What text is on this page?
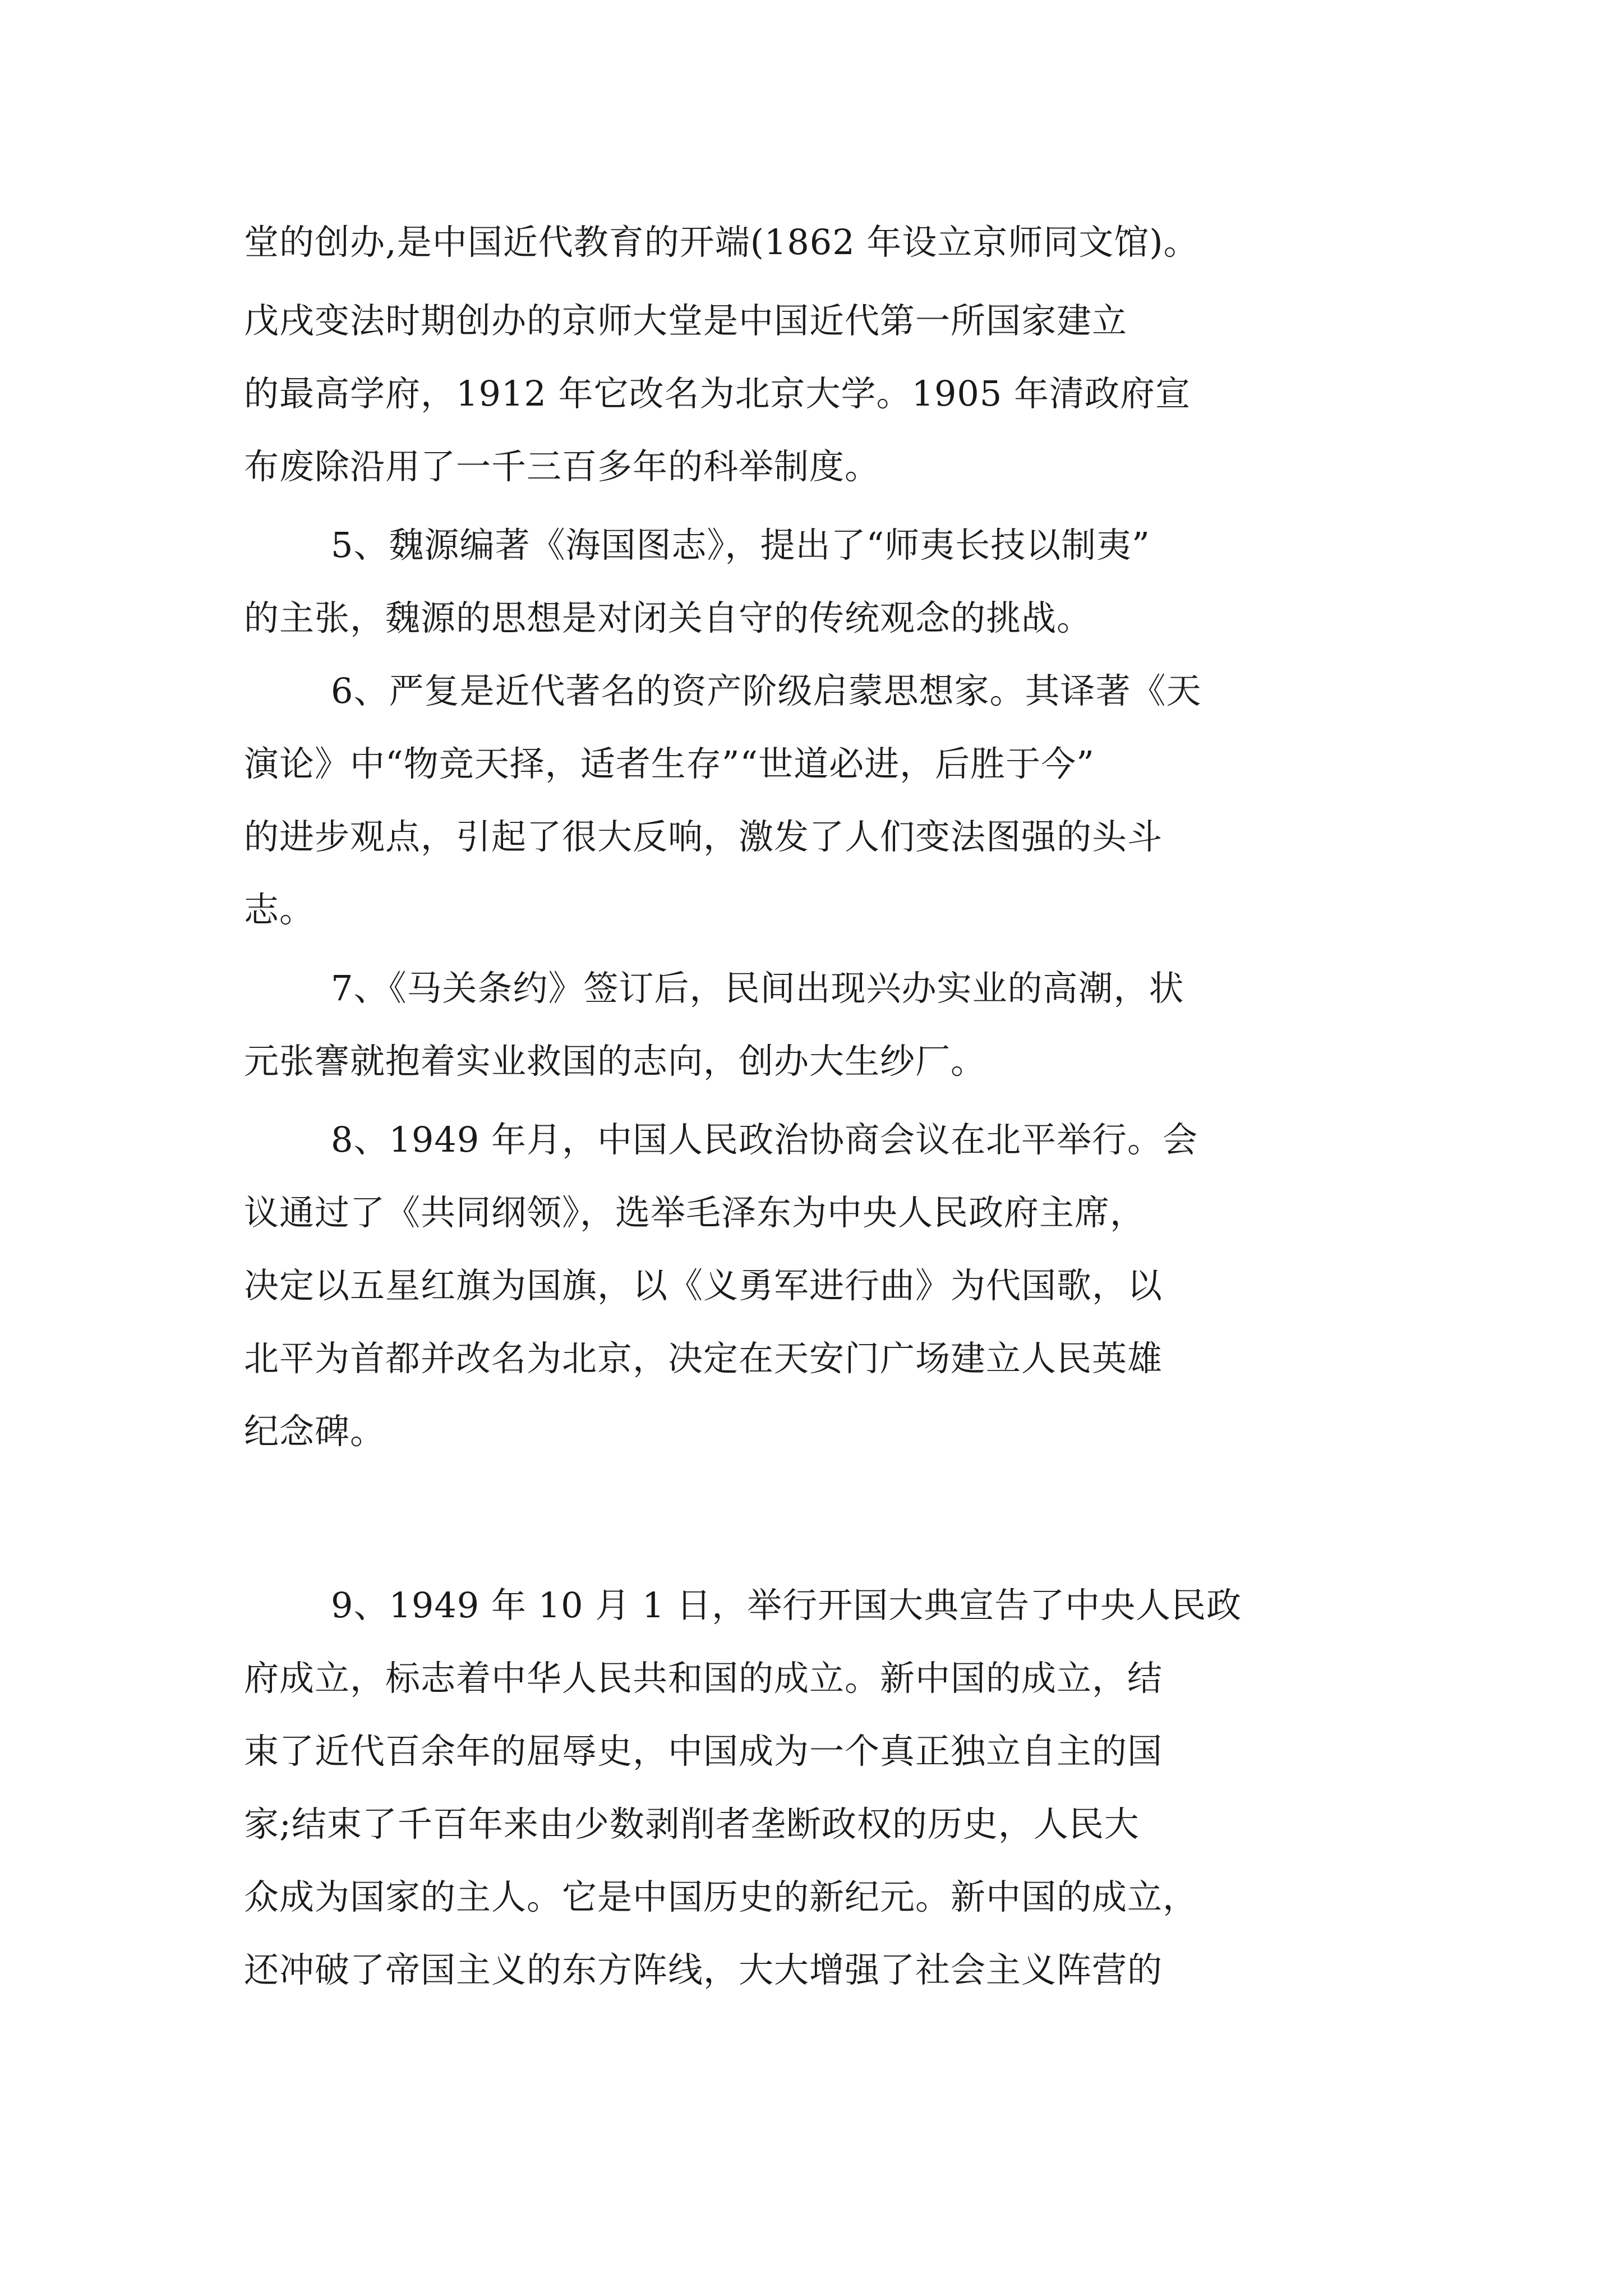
堂的创办,是中国近代教育的开端(1862 年设立京师同文馆)。
戊戌变法时期创办的京师大堂是中国近代第一所国家建立
的最高学府，1912 年它改名为北京大学。1905 年清政府宣
布废除沿用了一千三百多年的科举制度。
5、魏源编著《海国图志》，提出了“师夷长技以制夷”
的主张，魏源的思想是对闭关自守的传统观念的挑战。
6、严复是近代著名的资产阶级启蒙思想家。其译著《天
演论》中“物竞天择，适者生存”“世道必进，后胜于今”
的进步观点，引起了很大反响，激发了人们变法图强的头斗
志。
7、《马关条约》签订后，民间出现兴办实业的高潮，状
元张謇就抱着实业救国的志向，创办大生纱厂。
8、1949 年月，中国人民政治协商会议在北平举行。会
议通过了《共同纲领》，选举毛泽东为中央人民政府主席，
决定以五星红旗为国旗，以《义勇军进行曲》为代国歌，以
北平为首都并改名为北京，决定在天安门广场建立人民英雄
纪念碑。
9、1949 年 10 月 1 日，举行开国大典宣告了中央人民政
府成立，标志着中华人民共和国的成立。新中国的成立，结
束了近代百余年的屈辱史，中国成为一个真正独立自主的国
家;结束了千百年来由少数剥削者垄断政权的历史，人民大
众成为国家的主人。它是中国历史的新纪元。新中国的成立，
还冲破了帝国主义的东方阵线，大大增强了社会主义阵营的
